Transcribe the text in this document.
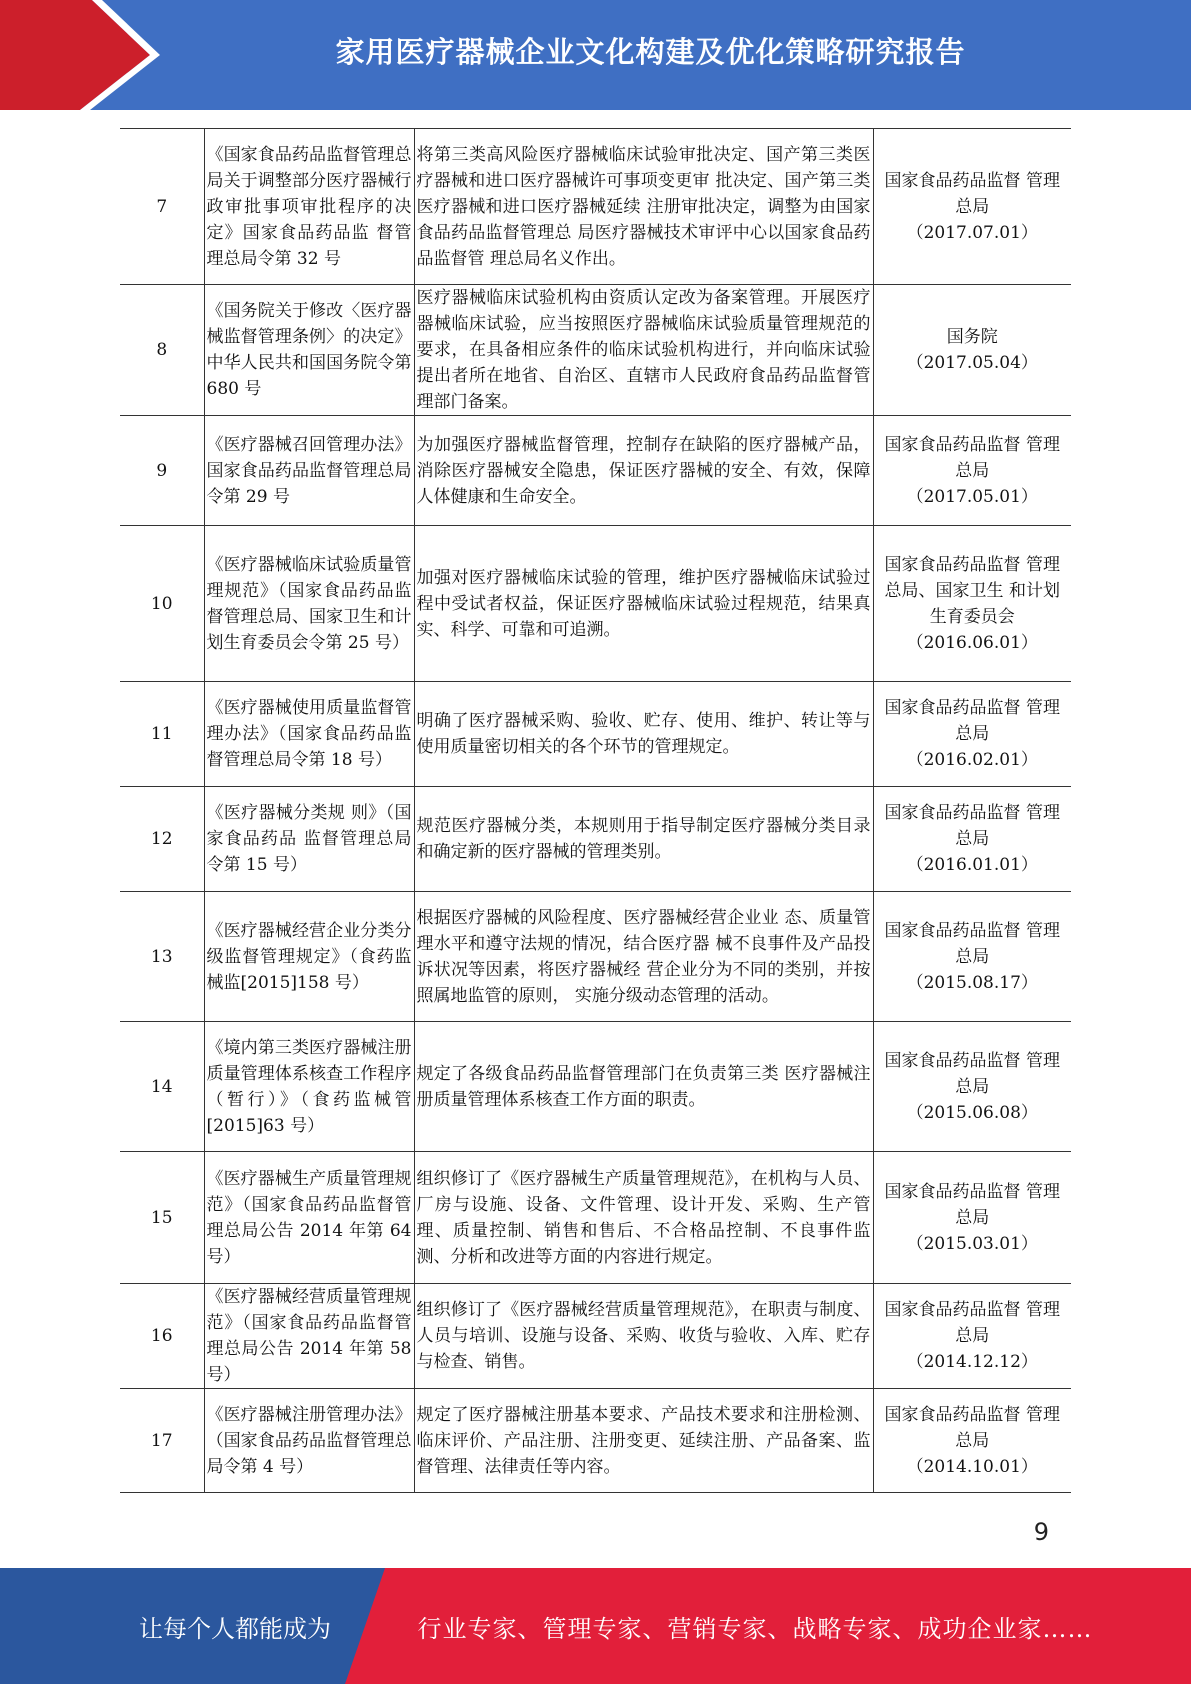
家用医疗器械企业文化构建及优化策略研究报告
7	《国家食品药品监督管理总局关于调整部分医疗器械行政审批事项审批程序的决 定》国家食品药品监 督管理总局令第 32 号	将第三类高风险医疗器械临床试验审批决定、国产第三类医疗器械和进口医疗器械许可事项变更审 批决定、国产第三类医疗器械和进口医疗器械延续 注册审批决定，调整为由国家食品药品监督管理总 局医疗器械技术审评中心以国家食品药品监督管 理总局名义作出。	国家食品药品监督 管理总局
（2017.07.01）

8	《国务院关于修改〈医疗器械监督管理条例〉的决定》中华人民共和国国务院令第 680 号	医疗器械临床试验机构由资质认定改为备案管理。开展医疗器械临床试验，应当按照医疗器械临床试验质量管理规范的要求，在具备相应条件的临床试验机构进行，并向临床试验提出者所在地省、自治区、直辖市人民政府食品药品监督管理部门备案。	国务院
（2017.05.04）

9	《医疗器械召回管理办法》国家食品药品监督管理总局令第 29 号	为加强医疗器械监督管理，控制存在缺陷的医疗器械产品，消除医疗器械安全隐患，保证医疗器械的安全、有效，保障人体健康和生命安全。	国家食品药品监督 管理总局
（2017.05.01）

10	《医疗器械临床试验质量管理规范》（国家食品药品监督管理总局、国家卫生和计划生育委员会令第 25 号）	加强对医疗器械临床试验的管理，维护医疗器械临床试验过程中受试者权益，保证医疗器械临床试验过程规范，结果真实、科学、可靠和可追溯。	国家食品药品监督 管理总局、国家卫生 和计划生育委员会
（2016.06.01）

11	《医疗器械使用质量监督管理办法》（国家食品药品监督管理总局令第 18 号）	明确了医疗器械采购、验收、贮存、使用、维护、转让等与使用质量密切相关的各个环节的管理规定。	国家食品药品监督 管理总局
（2016.02.01）

12	《医疗器械分类规 则》（国家食品药品 监督管理总局令第 15 号）	规范医疗器械分类，本规则用于指导制定医疗器械分类目录和确定新的医疗器械的管理类别。	国家食品药品监督 管理总局
（2016.01.01）

13	《医疗器械经营企业分类分级监督管理规定》（食药监械监[2015]158 号）	根据医疗器械的风险程度、医疗器械经营企业业 态、质量管理水平和遵守法规的情况，结合医疗器 械不良事件及产品投诉状况等因素，将医疗器械经 营企业分为不同的类别，并按照属地监管的原则， 实施分级动态管理的活动。	国家食品药品监督 管理总局
（2015.08.17）

14	《境内第三类医疗器械注册质量管理体系核查工作程序（暂行）》（食药监械管[2015]63 号）	规定了各级食品药品监督管理部门在负责第三类 医疗器械注册质量管理体系核查工作方面的职责。	国家食品药品监督 管理总局
（2015.06.08）

15	《医疗器械生产质量管理规范》（国家食品药品监督管理总局公告 2014 年第 64 号）	组织修订了《医疗器械生产质量管理规范》，在机构与人员、厂房与设施、设备、文件管理、设计开发、采购、生产管理、质量控制、销售和售后、不合格品控制、不良事件监测、分析和改进等方面的内容进行规定。	国家食品药品监督 管理总局
（2015.03.01）

16	《医疗器械经营质量管理规范》（国家食品药品监督管理总局公告 2014 年第 58 号）	组织修订了《医疗器械经营质量管理规范》，在职责与制度、人员与培训、设施与设备、采购、收货与验收、入库、贮存与检查、销售。	国家食品药品监督 管理总局
（2014.12.12）

17	《医疗器械注册管理办法》（国家食品药品监督管理总局令第 4 号）	规定了医疗器械注册基本要求、产品技术要求和注册检测、临床评价、产品注册、注册变更、延续注册、产品备案、监督管理、法律责任等内容。	国家食品药品监督 管理总局
（2014.10.01）
9
让每个人都能成为	行业专家、管理专家、营销专家、战略专家、成功企业家……
